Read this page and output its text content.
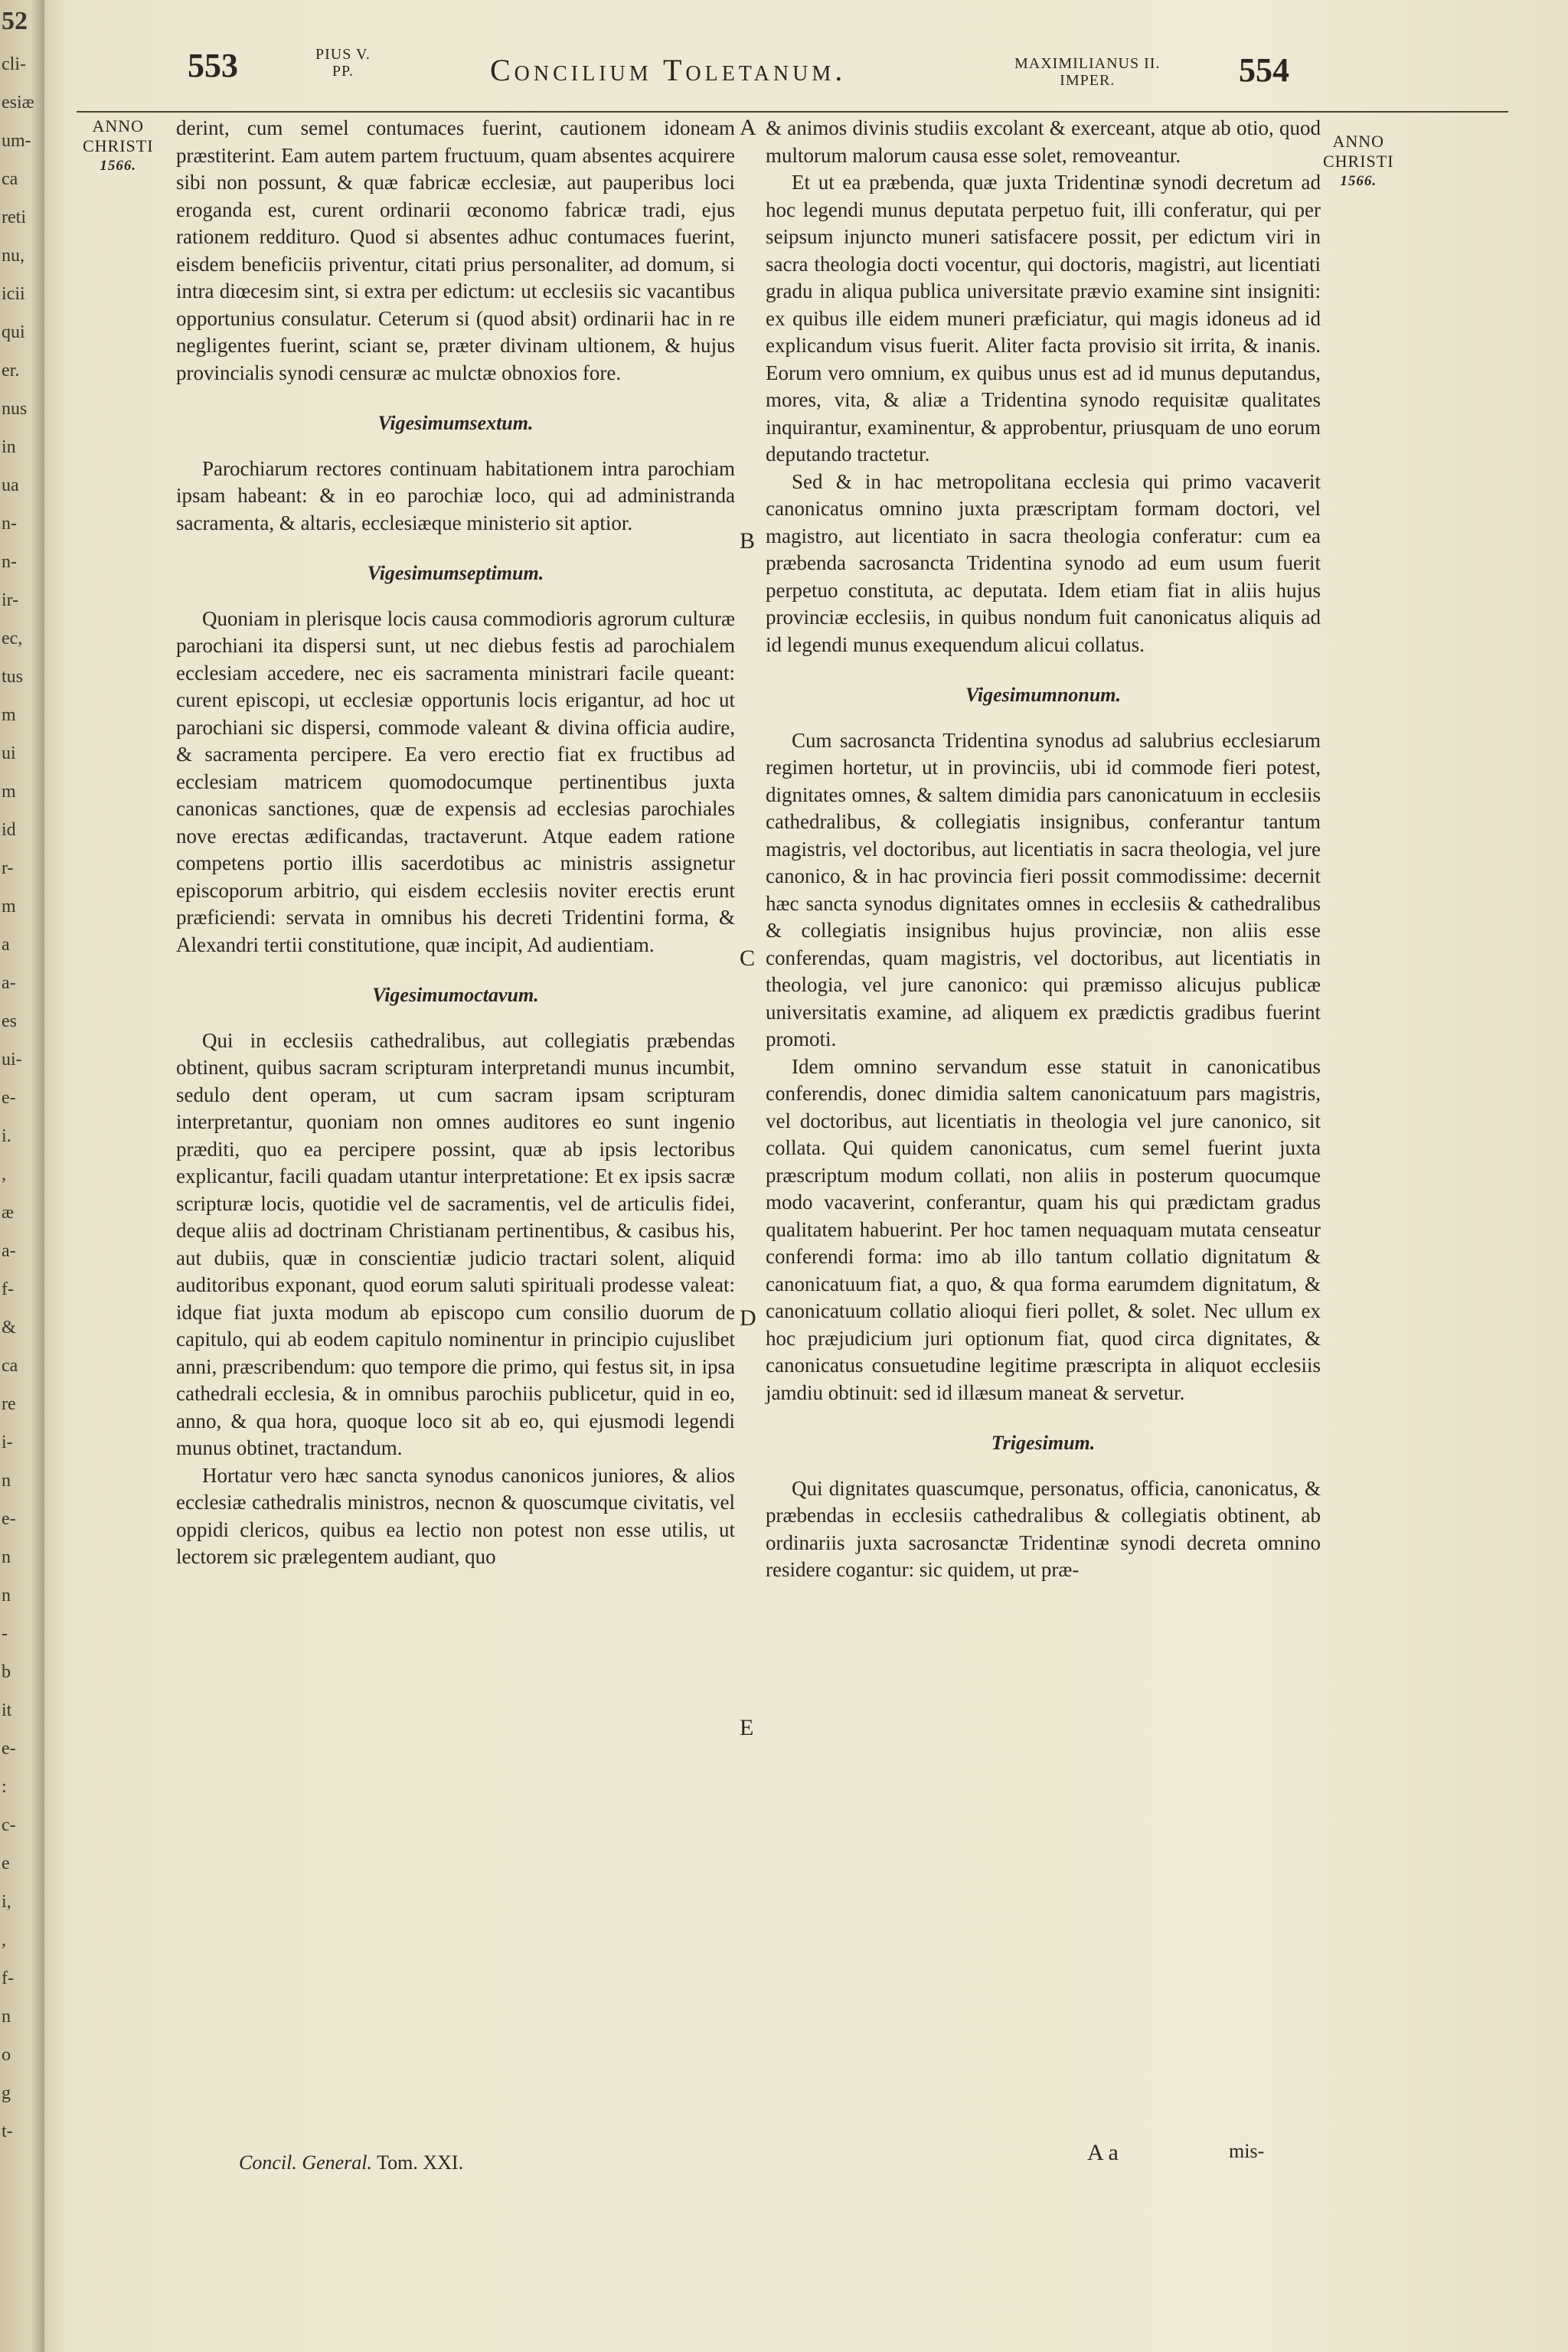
52
cli-
esiæ
um-
ca
reti
nu,
icii
qui
er.
nus
in
ua
n-
n-
ir-
ec,
tus
m
ui
m
id
r-
m
a
a-
es
ui-
e-
i.
,
æ
a-
f-
&
ca
re
i-
n
e-
n
n
-
b
it
e-
:
c-
e
i,
,
f-
n
o
g
t-
553	PIUS V.
PP.	Concilium Toletanum.	MAXIMILIANUS II.
IMPER.	554
ANNO
CHRISTI
1566.
ANNO
CHRISTI
1566.
A
B
C
D
E

derint, cum semel contumaces fuerint, cautionem idoneam præstiterint. Eam autem partem fructuum, quam absentes acquirere sibi non possunt, & quæ fabricæ ecclesiæ, aut pauperibus loci eroganda est, curent ordinarii œconomo fabricæ tradi, ejus rationem redditurо. Quod si absentes adhuc contumaces fuerint, eisdem beneficiis priventur, citati prius personaliter, ad domum, si intra diœcesim sint, si extra per edictum: ut ecclesiis sic vacantibus opportunius consulatur. Ceterum si (quod absit) ordinarii hac in re negligentes fuerint, sciant se, præter divinam ultionem, & hujus provincialis synodi censuræ ac mulctæ obnoxios fore.

Vigesimumsextum.

Parochiarum rectores continuam habitationem intra parochiam ipsam habeant: & in eo parochiæ loco, qui ad administranda sacramenta, & altaris, ecclesiæque ministerio sit aptior.

Vigesimumseptimum.

Quoniam in plerisque locis causa commodioris agrorum culturæ parochiani ita dispersi sunt, ut nec diebus festis ad parochialem ecclesiam accedere, nec eis sacramenta ministrari facile queant: curent episcopi, ut ecclesiæ opportunis locis erigantur, ad hoc ut parochiani sic dispersi, commode valeant & divina officia audire, & sacramenta percipere. Ea vero erectio fiat ex fructibus ad ecclesiam matricem quomodocumque pertinentibus juxta canonicas sanctiones, quæ de expensis ad ecclesias parochiales nove erectas ædificandas, tractaverunt. Atque eadem ratione competens portio illis sacerdotibus ac ministris assignetur episcoporum arbitrio, qui eisdem ecclesiis noviter erectis erunt præficiendi: servata in omnibus his decreti Tridentini forma, & Alexandri tertii constitutione, quæ incipit, Ad audientiam.

Vigesimumoctavum.

Qui in ecclesiis cathedralibus, aut collegiatis præbendas obtinent, quibus sacram scripturam interpretandi munus incumbit, sedulo dent operam, ut cum sacram ipsam scripturam interpretantur, quoniam non omnes auditores eo sunt ingenio præditi, quo ea percipere possint, quæ ab ipsis lectoribus explicantur, facili quadam utantur interpretatione: Et ex ipsis sacræ scripturæ locis, quotidie vel de sacramentis, vel de articulis fidei, deque aliis ad doctrinam Christianam pertinentibus, & casibus his, aut dubiis, quæ in conscientiæ judicio tractari solent, aliquid auditoribus exponant, quod eorum saluti spirituali prodesse valeat: idque fiat juxta modum ab episcopo cum consilio duorum de capitulo, qui ab eodem capitulo nominentur in principio cujuslibet anni, præscribendum: quo tempore die primo, qui festus sit, in ipsa cathedrali ecclesia, & in omnibus parochiis publicetur, quid in eo, anno, & qua hora, quoque loco sit ab eo, qui ejusmodi legendi munus obtinet, tractandum.

Hortatur vero hæc sancta synodus canonicos juniores, & alios ecclesiæ cathedralis ministros, necnon & quoscumque civitatis, vel oppidi clericos, quibus ea lectio non potest non esse utilis, ut lectorem sic prælegentem audiant, quo

& animos divinis studiis excolant & exerceant, atque ab otio, quod multorum malorum causa esse solet, removeantur.

Et ut ea præbenda, quæ juxta Tridentinæ synodi decretum ad hoc legendi munus deputata perpetuo fuit, illi conferatur, qui per seipsum injuncto muneri satisfacere possit, per edictum viri in sacra theologia docti vocentur, qui doctoris, magistri, aut licentiati gradu in aliqua publica universitate prævio examine sint insigniti: ex quibus ille eidem muneri præficiatur, qui magis idoneus ad id explicandum visus fuerit. Aliter facta provisio sit irrita, & inanis. Eorum vero omnium, ex quibus unus est ad id munus deputandus, mores, vita, & aliæ a Tridentina synodo requisitæ qualitates inquirantur, examinentur, & approbentur, priusquam de uno eorum deputando tractetur.

Sed & in hac metropolitana ecclesia qui primo vacaverit canonicatus omnino juxta præscriptam formam doctori, vel magistro, aut licentiato in sacra theologia conferatur: cum ea præbenda sacrosancta Tridentina synodo ad eum usum fuerit perpetuo constituta, ac deputata. Idem etiam fiat in aliis hujus provinciæ ecclesiis, in quibus nondum fuit canonicatus aliquis ad id legendi munus exequendum alicui collatus.

Vigesimumnonum.

Cum sacrosancta Tridentina synodus ad salubrius ecclesiarum regimen hortetur, ut in provinciis, ubi id commode fieri potest, dignitates omnes, & saltem dimidia pars canonicatuum in ecclesiis cathedralibus, & collegiatis insignibus, conferantur tantum magistris, vel doctoribus, aut licentiatis in sacra theologia, vel jure canonico, & in hac provincia fieri possit commodissime: decernit hæc sancta synodus dignitates omnes in ecclesiis & cathedralibus & collegiatis insignibus hujus provinciæ, non aliis esse conferendas, quam magistris, vel doctoribus, aut licentiatis in theologia, vel jure canonico: qui præmisso alicujus publicæ universitatis examine, ad aliquem ex prædictis gradibus fuerint promoti.

Idem omnino servandum esse statuit in canonicatibus conferendis, donec dimidia saltem canonicatuum pars magistris, vel doctoribus, aut licentiatis in theologia vel jure canonico, sit collata. Qui quidem canonicatus, cum semel fuerint juxta præscriptum modum collati, non aliis in posterum quocumque modo vacaverint, conferantur, quam his qui prædictam gradus qualitatem habuerint. Per hoc tamen nequaquam mutata censeatur conferendi forma: imo ab illo tantum collatio dignitatum & canonicatuum fiat, a quo, & qua forma earumdem dignitatum, & canonicatuum collatio alioqui fieri pollet, & solet. Nec ullum ex hoc præjudicium juri optionum fiat, quod circa dignitates, & canonicatus consuetudine legitime præscripta in aliquot ecclesiis jamdiu obtinuit: sed id illæsum maneat & servetur.

Trigesimum.

Qui dignitates quascumque, personatus, officia, canonicatus, & præbendas in ecclesiis cathedralibus & collegiatis obtinent, ab ordinariis juxta sacrosanctæ Tridentinæ synodi decreta omnino residere cogantur: sic quidem, ut præ-

Concil. General. Tom. XXI.	A a	mis-
